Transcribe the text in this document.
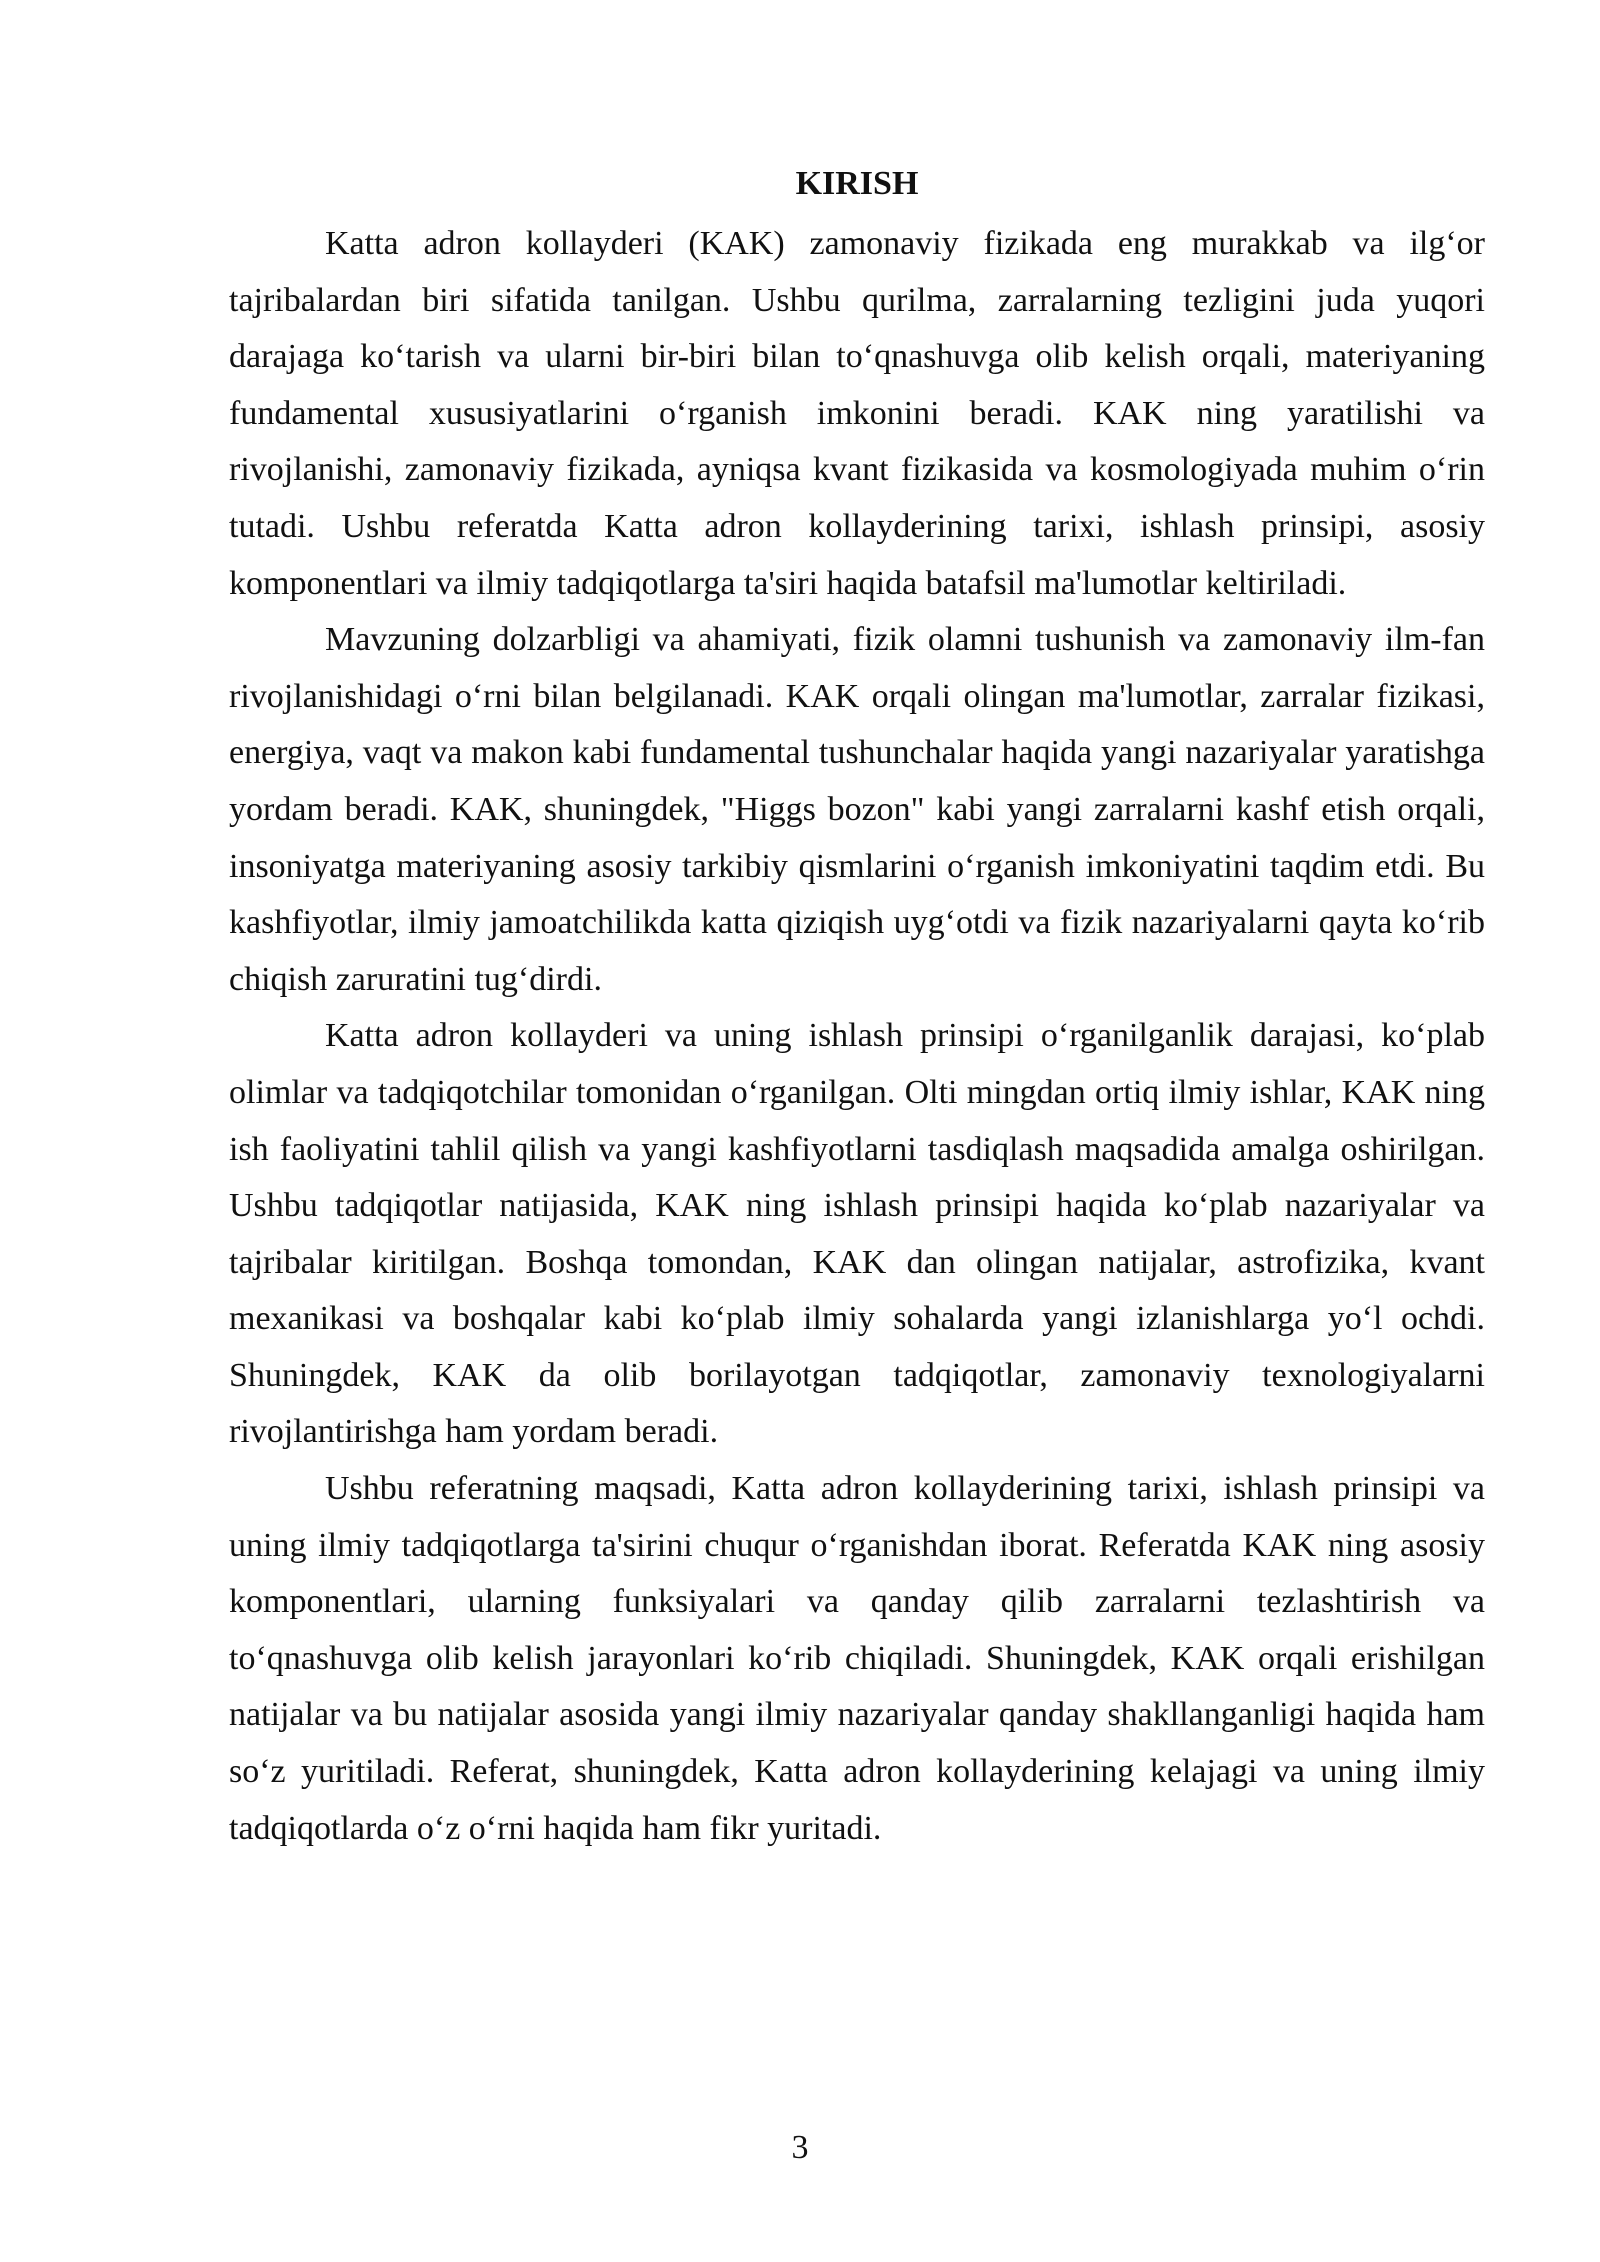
KIRISH

Katta adron kollayderi (KAK) zamonaviy fizikada eng murakkab va ilg‘or tajribalardan biri sifatida tanilgan. Ushbu qurilma, zarralarning tezligini juda yuqori darajaga ko‘tarish va ularni bir-biri bilan to‘qnashuvga olib kelish orqali, materiyaning fundamental xususiyatlarini o‘rganish imkonini beradi. KAK ning yaratilishi va rivojlanishi, zamonaviy fizikada, ayniqsa kvant fizikasida va kosmologiyada muhim o‘rin tutadi. Ushbu referatda Katta adron kollayderining tarixi, ishlash prinsipi, asosiy komponentlari va ilmiy tadqiqotlarga ta'siri haqida batafsil ma'lumotlar keltiriladi.

Mavzuning dolzarbligi va ahamiyati, fizik olamni tushunish va zamonaviy ilm-fan rivojlanishidagi o‘rni bilan belgilanadi. KAK orqali olingan ma'lumotlar, zarralar fizikasi, energiya, vaqt va makon kabi fundamental tushunchalar haqida yangi nazariyalar yaratishga yordam beradi. KAK, shuningdek, "Higgs bozon" kabi yangi zarralarni kashf etish orqali, insoniyatga materiyaning asosiy tarkibiy qismlarini o‘rganish imkoniyatini taqdim etdi. Bu kashfiyotlar, ilmiy jamoatchilikda katta qiziqish uyg‘otdi va fizik nazariyalarni qayta ko‘rib chiqish zaruratini tug‘dirdi.

Katta adron kollayderi va uning ishlash prinsipi o‘rganilganlik darajasi, ko‘plab olimlar va tadqiqotchilar tomonidan o‘rganilgan. Olti mingdan ortiq ilmiy ishlar, KAK ning ish faoliyatini tahlil qilish va yangi kashfiyotlarni tasdiqlash maqsadida amalga oshirilgan. Ushbu tadqiqotlar natijasida, KAK ning ishlash prinsipi haqida ko‘plab nazariyalar va tajribalar kiritilgan. Boshqa tomondan, KAK dan olingan natijalar, astrofizika, kvant mexanikasi va boshqalar kabi ko‘plab ilmiy sohalarda yangi izlanishlarga yo‘l ochdi. Shuningdek, KAK da olib borilayotgan tadqiqotlar, zamonaviy texnologiyalarni rivojlantirishga ham yordam beradi.

Ushbu referatning maqsadi, Katta adron kollayderining tarixi, ishlash prinsipi va uning ilmiy tadqiqotlarga ta'sirini chuqur o‘rganishdan iborat. Referatda KAK ning asosiy komponentlari, ularning funksiyalari va qanday qilib zarralarni tezlashtirish va to‘qnashuvga olib kelish jarayonlari ko‘rib chiqiladi. Shuningdek, KAK orqali erishilgan natijalar va bu natijalar asosida yangi ilmiy nazariyalar qanday shakllanganligi haqida ham so‘z yuritiladi. Referat, shuningdek, Katta adron kollayderining kelajagi va uning ilmiy tadqiqotlarda o‘z o‘rni haqida ham fikr yuritadi.

3
